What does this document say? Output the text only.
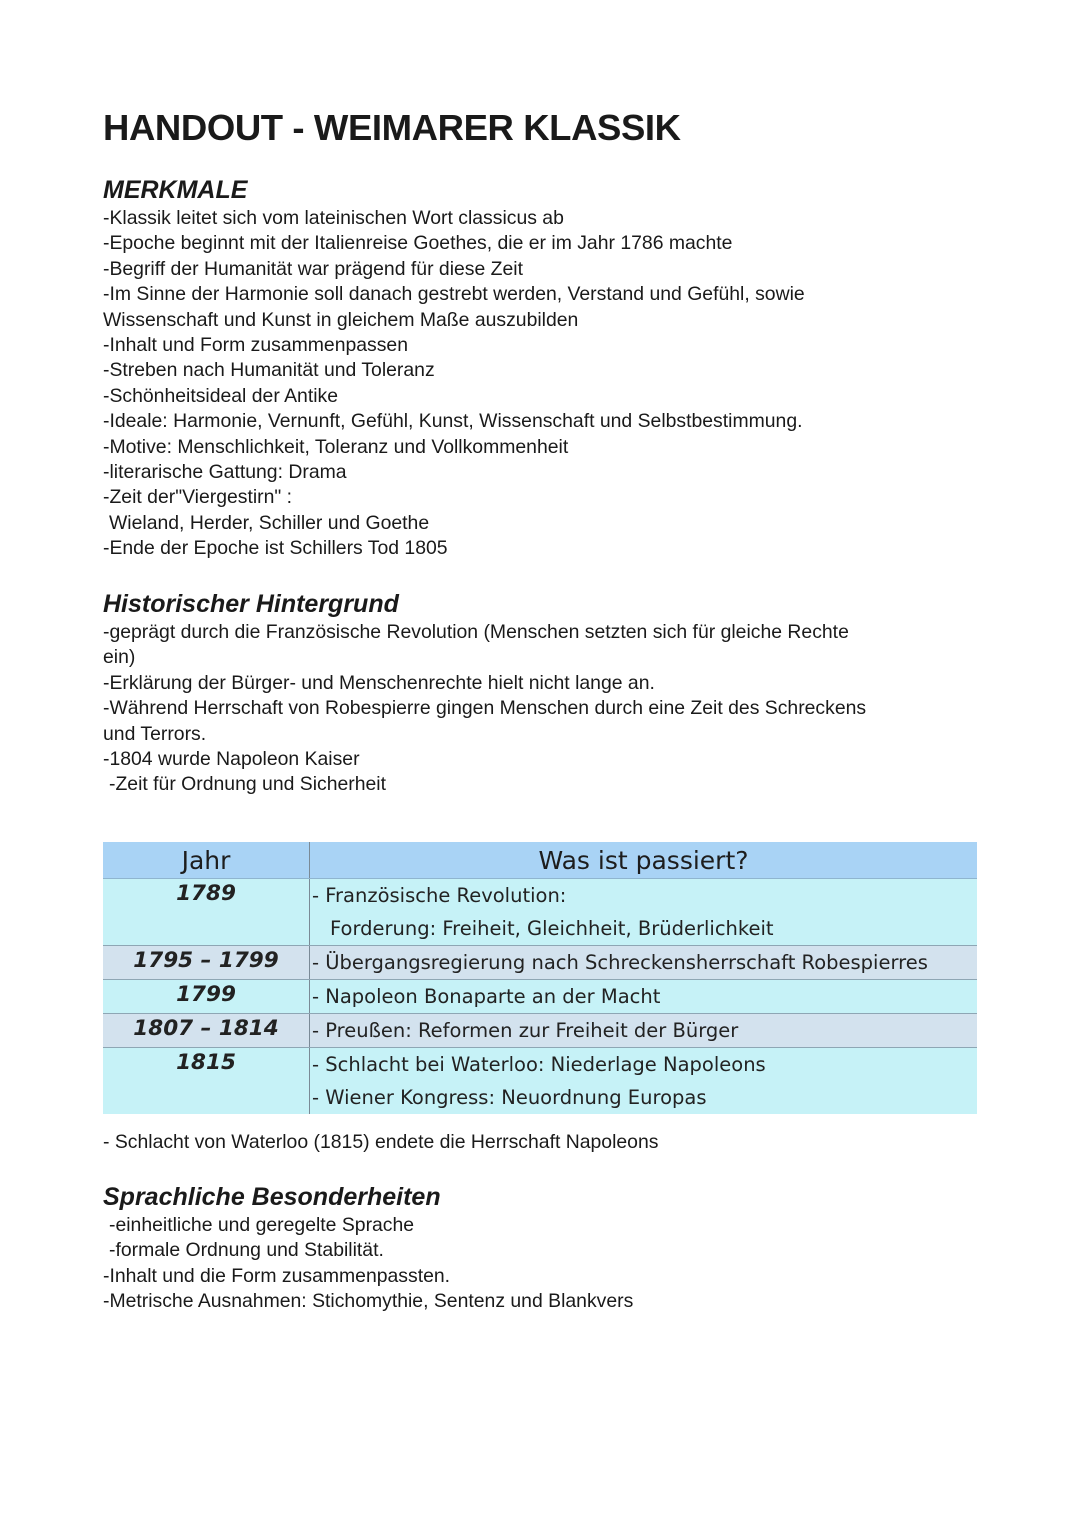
HANDOUT - WEIMARER KLASSIK
MERKMALE
-Klassik leitet sich vom lateinischen Wort classicus ab
-Epoche beginnt mit der Italienreise Goethes, die er im Jahr 1786 machte
-Begriff der Humanität war prägend für diese Zeit
-Im Sinne der Harmonie soll danach gestrebt werden, Verstand und Gefühl, sowie
Wissenschaft und Kunst in gleichem Maße auszubilden
-Inhalt und Form zusammenpassen
-Streben nach Humanität und Toleranz
-Schönheitsideal der Antike
-Ideale: Harmonie, Vernunft, Gefühl, Kunst, Wissenschaft und Selbstbestimmung.
-Motive: Menschlichkeit, Toleranz und Vollkommenheit
-literarische Gattung: Drama
-Zeit der"Viergestirn" :
Wieland, Herder, Schiller und Goethe
-Ende der Epoche ist Schillers Tod 1805
Historischer Hintergrund
-geprägt durch die Französische Revolution (Menschen setzten sich für gleiche Rechte
ein)
-Erklärung der Bürger- und Menschenrechte hielt nicht lange an.
-Während Herrschaft von Robespierre gingen Menschen durch eine Zeit des Schreckens
und Terrors.
-1804 wurde Napoleon Kaiser
-Zeit für Ordnung und Sicherheit
Jahr	Was ist passiert?
1789	- Französische Revolution:
Forderung: Freiheit, Gleichheit, Brüderlichkeit

1795 – 1799	- Übergangsregierung nach Schreckensherrschaft Robespierres

1799	- Napoleon Bonaparte an der Macht

1807 – 1814	- Preußen: Reformen zur Freiheit der Bürger

1815	- Schlacht bei Waterloo: Niederlage Napoleons
- Wiener Kongress: Neuordnung Europas
- Schlacht von Waterloo (1815) endete die Herrschaft Napoleons
Sprachliche Besonderheiten
-einheitliche und geregelte Sprache
-formale Ordnung und Stabilität.
-Inhalt und die Form zusammenpassten.
-Metrische Ausnahmen: Stichomythie, Sentenz und Blankvers
